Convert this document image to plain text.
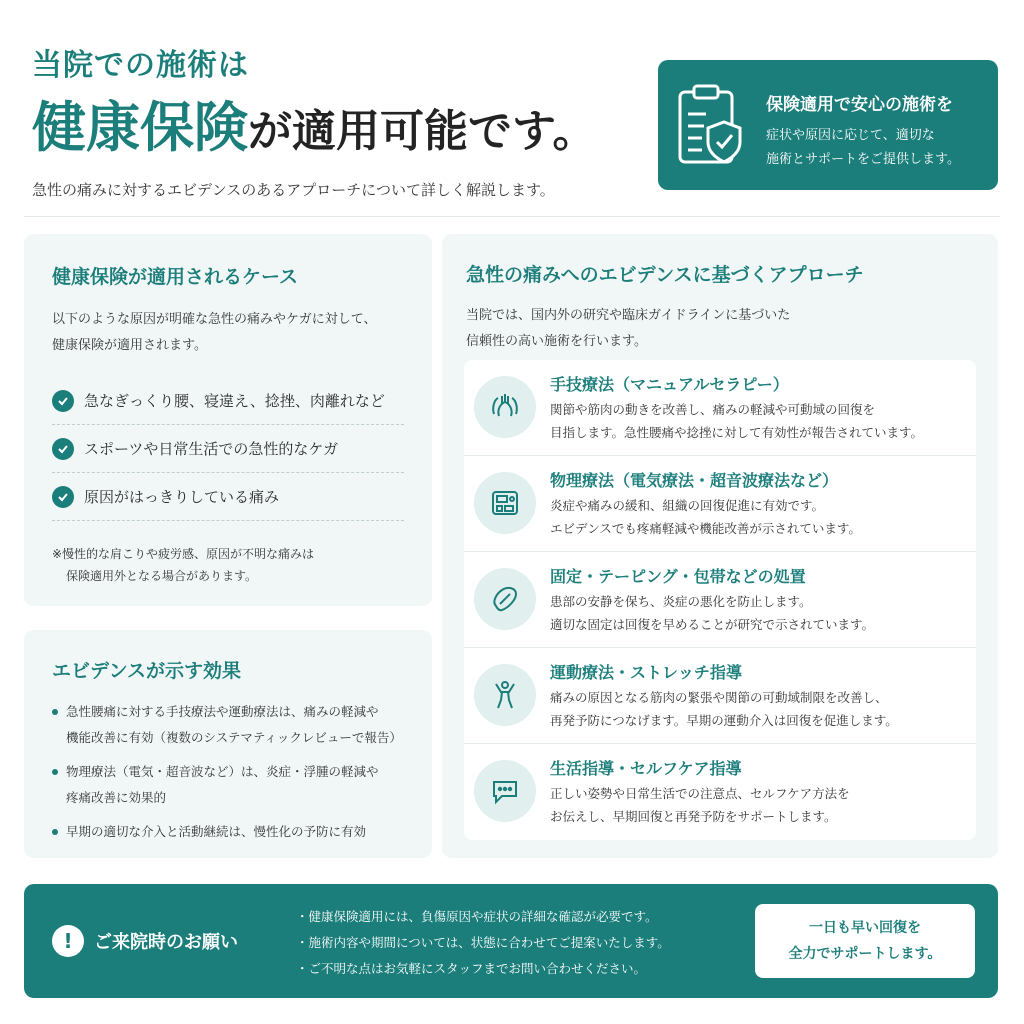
当院での施術は
健康保険が適用可能です。
急性の痛みに対するエビデンスのあるアプローチについて詳しく解説します。
保険適用で安心の施術を
症状や原因に応じて、適切な
施術とサポートをご提供します。
健康保険が適用されるケース
以下のような原因が明確な急性の痛みやケガに対して、
健康保険が適用されます。
急なぎっくり腰、寝違え、捻挫、肉離れなど
スポーツや日常生活での急性的なケガ
原因がはっきりしている痛み
※慢性的な肩こりや疲労感、原因が不明な痛みは
保険適用外となる場合があります。
エビデンスが示す効果
急性腰痛に対する手技療法や運動療法は、痛みの軽減や
機能改善に有効（複数のシステマティックレビューで報告）
物理療法（電気・超音波など）は、炎症・浮腫の軽減や
疼痛改善に効果的
早期の適切な介入と活動継続は、慢性化の予防に有効
急性の痛みへのエビデンスに基づくアプローチ
当院では、国内外の研究や臨床ガイドラインに基づいた
信頼性の高い施術を行います。
手技療法（マニュアルセラピー）
関節や筋肉の動きを改善し、痛みの軽減や可動域の回復を
目指します。急性腰痛や捻挫に対して有効性が報告されています。
物理療法（電気療法・超音波療法など）
炎症や痛みの緩和、組織の回復促進に有効です。
エビデンスでも疼痛軽減や機能改善が示されています。
固定・テーピング・包帯などの処置
患部の安静を保ち、炎症の悪化を防止します。
適切な固定は回復を早めることが研究で示されています。
運動療法・ストレッチ指導
痛みの原因となる筋肉の緊張や関節の可動域制限を改善し、
再発予防につなげます。早期の運動介入は回復を促進します。
生活指導・セルフケア指導
正しい姿勢や日常生活での注意点、セルフケア方法を
お伝えし、早期回復と再発予防をサポートします。
!	ご来院時のお願い
・健康保険適用には、負傷原因や症状の詳細な確認が必要です。
・施術内容や期間については、状態に合わせてご提案いたします。
・ご不明な点はお気軽にスタッフまでお問い合わせください。
一日も早い回復を
全力でサポートします。
